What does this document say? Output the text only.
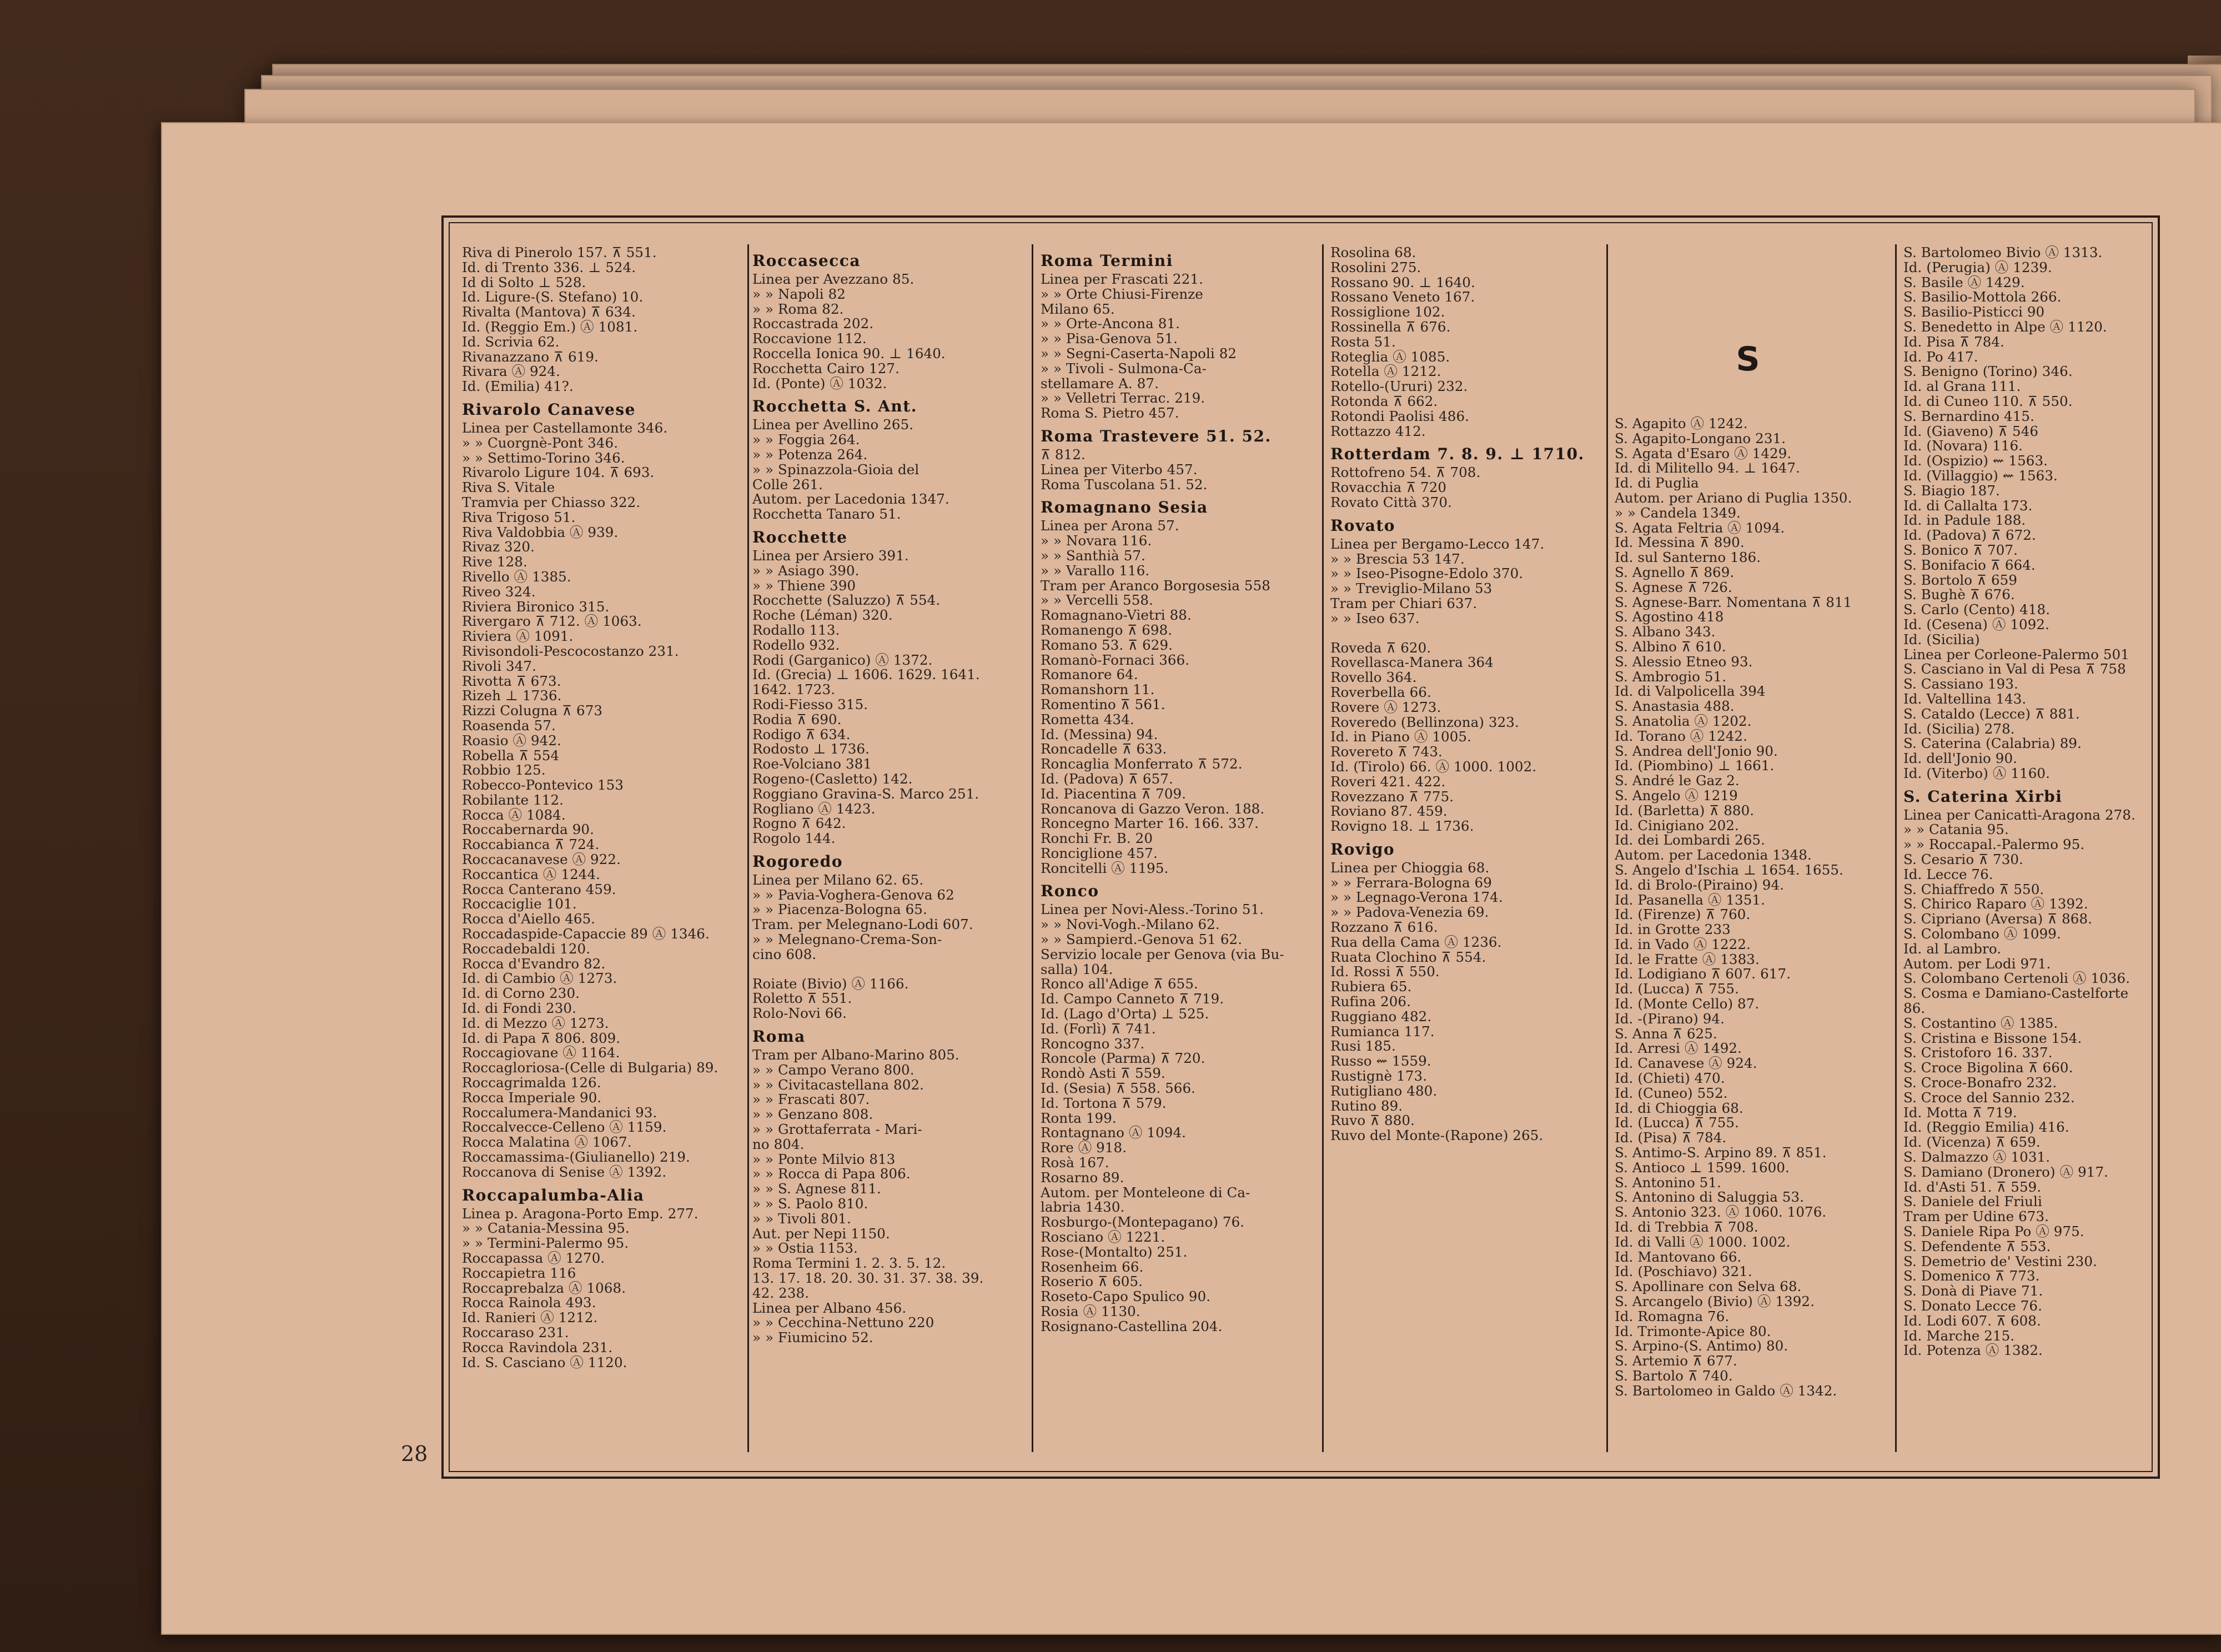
Riva di Pinerolo 157. ⊼ 551.
Id. di Trento 336. ⊥ 524.
Id di Solto ⊥ 528.
Id. Ligure-(S. Stefano) 10.
Rivalta (Mantova) ⊼ 634.
Id. (Reggio Em.) Ⓐ 1081.
Id. Scrivia 62.
Rivanazzano ⊼ 619.
Rivara Ⓐ 924.
Id. (Emilia) 41?.
Rivarolo Canavese
Linea per Castellamonte 346.
» » Cuorgnè-Pont 346.
» » Settimo-Torino 346.
Rivarolo Ligure 104. ⊼ 693.
Riva S. Vitale
Tramvia per Chiasso 322.
Riva Trigoso 51.
Riva Valdobbia Ⓐ 939.
Rivaz 320.
Rive 128.
Rivello Ⓐ 1385.
Riveo 324.
Riviera Bironico 315.
Rivergaro ⊼ 712. Ⓐ 1063.
Riviera Ⓐ 1091.
Rivisondoli-Pescocostanzo 231.
Rivoli 347.
Rivotta ⊼ 673.
Rizeh ⊥ 1736.
Rizzi Colugna ⊼ 673
Roasenda 57.
Roasio Ⓐ 942.
Robella ⊼ 554
Robbio 125.
Robecco-Pontevico 153
Robilante 112.
Rocca Ⓐ 1084.
Roccabernarda 90.
Roccabianca ⊼ 724.
Roccacanavese Ⓐ 922.
Roccantica Ⓐ 1244.
Rocca Canterano 459.
Roccaciglie 101.
Rocca d'Aiello 465.
Roccadaspide-Capaccie 89 Ⓐ 1346.
Roccadebaldi 120.
Rocca d'Evandro 82.
Id. di Cambio Ⓐ 1273.
Id. di Corno 230.
Id. di Fondi 230.
Id. di Mezzo Ⓐ 1273.
Id. di Papa ⊼ 806. 809.
Roccagiovane Ⓐ 1164.
Roccagloriosa-(Celle di Bulgaria) 89.
Roccagrimalda 126.
Rocca Imperiale 90.
Roccalumera-Mandanici 93.
Roccalvecce-Celleno Ⓐ 1159.
Rocca Malatina Ⓐ 1067.
Roccamassima-(Giulianello) 219.
Roccanova di Senise Ⓐ 1392.
Roccapalumba-Alia
Linea p. Aragona-Porto Emp. 277.
» » Catania-Messina 95.
» » Termini-Palermo 95.
Roccapassa Ⓐ 1270.
Roccapietra 116
Roccaprebalza Ⓐ 1068.
Rocca Rainola 493.
Id. Ranieri Ⓐ 1212.
Roccaraso 231.
Rocca Ravindola 231.
Id. S. Casciano Ⓐ 1120.
Roccasecca
Linea per Avezzano 85.
» » Napoli 82
» » Roma 82.
Roccastrada 202.
Roccavione 112.
Roccella Ionica 90. ⊥ 1640.
Rocchetta Cairo 127.
Id. (Ponte) Ⓐ 1032.
Rocchetta S. Ant.
Linea per Avellino 265.
» » Foggia 264.
» » Potenza 264.
» » Spinazzola-Gioia del
Colle 261.
Autom. per Lacedonia 1347.
Rocchetta Tanaro 51.
Rocchette
Linea per Arsiero 391.
» » Asiago 390.
» » Thiene 390
Rocchette (Saluzzo) ⊼ 554.
Roche (Léman) 320.
Rodallo 113.
Rodello 932.
Rodi (Garganico) Ⓐ 1372.
Id. (Grecia) ⊥ 1606. 1629. 1641.
1642. 1723.
Rodi-Fiesso 315.
Rodia ⊼ 690.
Rodigo ⊼ 634.
Rodosto ⊥ 1736.
Roe-Volciano 381
Rogeno-(Casletto) 142.
Roggiano Gravina-S. Marco 251.
Rogliano Ⓐ 1423.
Rogno ⊼ 642.
Rogolo 144.
Rogoredo
Linea per Milano 62. 65.
» » Pavia-Voghera-Genova 62
» » Piacenza-Bologna 65.
Tram. per Melegnano-Lodi 607.
» » Melegnano-Crema-Son-
cino 608.
Roiate (Bivio) Ⓐ 1166.
Roletto ⊼ 551.
Rolo-Novi 66.
Roma
Tram per Albano-Marino 805.
» » Campo Verano 800.
» » Civitacastellana 802.
» » Frascati 807.
» » Genzano 808.
» » Grottaferrata - Mari-
no 804.
» » Ponte Milvio 813
» » Rocca di Papa 806.
» » S. Agnese 811.
» » S. Paolo 810.
» » Tivoli 801.
Aut. per Nepi 1150.
» » Ostia 1153.
Roma Termini 1. 2. 3. 5. 12.
13. 17. 18. 20. 30. 31. 37. 38. 39.
42. 238.
Linea per Albano 456.
» » Cecchina-Nettuno 220
» » Fiumicino 52.
Roma Termini
Linea per Frascati 221.
» » Orte Chiusi-Firenze
Milano 65.
» » Orte-Ancona 81.
» » Pisa-Genova 51.
» » Segni-Caserta-Napoli 82
» » Tivoli - Sulmona-Ca-
stellamare A. 87.
» » Velletri Terrac. 219.
Roma S. Pietro 457.
Roma Trastevere 51. 52.
⊼ 812.
Linea per Viterbo 457.
Roma Tuscolana 51. 52.
Romagnano Sesia
Linea per Arona 57.
» » Novara 116.
» » Santhià 57.
» » Varallo 116.
Tram per Aranco Borgosesia 558
» » Vercelli 558.
Romagnano-Vietri 88.
Romanengo ⊼ 698.
Romano 53. ⊼ 629.
Romanò-Fornaci 366.
Romanore 64.
Romanshorn 11.
Romentino ⊼ 561.
Rometta 434.
Id. (Messina) 94.
Roncadelle ⊼ 633.
Roncaglia Monferrato ⊼ 572.
Id. (Padova) ⊼ 657.
Id. Piacentina ⊼ 709.
Roncanova di Gazzo Veron. 188.
Roncegno Marter 16. 166. 337.
Ronchi Fr. B. 20
Ronciglione 457.
Roncitelli Ⓐ 1195.
Ronco
Linea per Novi-Aless.-Torino 51.
» » Novi-Vogh.-Milano 62.
» » Sampierd.-Genova 51 62.
Servizio locale per Genova (via Bu-
salla) 104.
Ronco all'Adige ⊼ 655.
Id. Campo Canneto ⊼ 719.
Id. (Lago d'Orta) ⊥ 525.
Id. (Forlì) ⊼ 741.
Roncogno 337.
Roncole (Parma) ⊼ 720.
Rondò Asti ⊼ 559.
Id. (Sesia) ⊼ 558. 566.
Id. Tortona ⊼ 579.
Ronta 199.
Rontagnano Ⓐ 1094.
Rore Ⓐ 918.
Rosà 167.
Rosarno 89.
Autom. per Monteleone di Ca-
labria 1430.
Rosburgo-(Montepagano) 76.
Rosciano Ⓐ 1221.
Rose-(Montalto) 251.
Rosenheim 66.
Roserio ⊼ 605.
Roseto-Capo Spulico 90.
Rosia Ⓐ 1130.
Rosignano-Castellina 204.
Rosolina 68.
Rosolini 275.
Rossano 90. ⊥ 1640.
Rossano Veneto 167.
Rossiglione 102.
Rossinella ⊼ 676.
Rosta 51.
Roteglia Ⓐ 1085.
Rotella Ⓐ 1212.
Rotello-(Ururi) 232.
Rotonda ⊼ 662.
Rotondi Paolisi 486.
Rottazzo 412.
Rotterdam 7. 8. 9. ⊥ 1710.
Rottofreno 54. ⊼ 708.
Rovacchia ⊼ 720
Rovato Città 370.
Rovato
Linea per Bergamo-Lecco 147.
» » Brescia 53 147.
» » Iseo-Pisogne-Edolo 370.
» » Treviglio-Milano 53
Tram per Chiari 637.
» » Iseo 637.
Roveda ⊼ 620.
Rovellasca-Manera 364
Rovello 364.
Roverbella 66.
Rovere Ⓐ 1273.
Roveredo (Bellinzona) 323.
Id. in Piano Ⓐ 1005.
Rovereto ⊼ 743.
Id. (Tirolo) 66. Ⓐ 1000. 1002.
Roveri 421. 422.
Rovezzano ⊼ 775.
Roviano 87. 459.
Rovigno 18. ⊥ 1736.
Rovigo
Linea per Chioggia 68.
» » Ferrara-Bologna 69
» » Legnago-Verona 174.
» » Padova-Venezia 69.
Rozzano ⊼ 616.
Rua della Cama Ⓐ 1236.
Ruata Clochino ⊼ 554.
Id. Rossi ⊼ 550.
Rubiera 65.
Rufina 206.
Ruggiano 482.
Rumianca 117.
Rusi 185.
Russo ⇜ 1559.
Rustignè 173.
Rutigliano 480.
Rutino 89.
Ruvo ⊼ 880.
Ruvo del Monte-(Rapone) 265.
S. Agapito Ⓐ 1242.
S. Agapito-Longano 231.
S. Agata d'Esaro Ⓐ 1429.
Id. di Militello 94. ⊥ 1647.
Id. di Puglia
Autom. per Ariano di Puglia 1350.
» » Candela 1349.
S. Agata Feltria Ⓐ 1094.
Id. Messina ⊼ 890.
Id. sul Santerno 186.
S. Agnello ⊼ 869.
S. Agnese ⊼ 726.
S. Agnese-Barr. Nomentana ⊼ 811
S. Agostino 418
S. Albano 343.
S. Albino ⊼ 610.
S. Alessio Etneo 93.
S. Ambrogio 51.
Id. di Valpolicella 394
S. Anastasia 488.
S. Anatolia Ⓐ 1202.
Id. Torano Ⓐ 1242.
S. Andrea dell'Jonio 90.
Id. (Piombino) ⊥ 1661.
S. André le Gaz 2.
S. Angelo Ⓐ 1219
Id. (Barletta) ⊼ 880.
Id. Cinigiano 202.
Id. dei Lombardi 265.
Autom. per Lacedonia 1348.
S. Angelo d'Ischia ⊥ 1654. 1655.
Id. di Brolo-(Piraino) 94.
Id. Pasanella Ⓐ 1351.
Id. (Firenze) ⊼ 760.
Id. in Grotte 233
Id. in Vado Ⓐ 1222.
Id. le Fratte Ⓐ 1383.
Id. Lodigiano ⊼ 607. 617.
Id. (Lucca) ⊼ 755.
Id. (Monte Cello) 87.
Id. -(Pirano) 94.
S. Anna ⊼ 625.
Id. Arresi Ⓐ 1492.
Id. Canavese Ⓐ 924.
Id. (Chieti) 470.
Id. (Cuneo) 552.
Id. di Chioggia 68.
Id. (Lucca) ⊼ 755.
Id. (Pisa) ⊼ 784.
S. Antimo-S. Arpino 89. ⊼ 851.
S. Antioco ⊥ 1599. 1600.
S. Antonino 51.
S. Antonino di Saluggia 53.
S. Antonio 323. Ⓐ 1060. 1076.
Id. di Trebbia ⊼ 708.
Id. di Valli Ⓐ 1000. 1002.
Id. Mantovano 66.
Id. (Poschiavo) 321.
S. Apollinare con Selva 68.
S. Arcangelo (Bivio) Ⓐ 1392.
Id. Romagna 76.
Id. Trimonte-Apice 80.
S. Arpino-(S. Antimo) 80.
S. Artemio ⊼ 677.
S. Bartolo ⊼ 740.
S. Bartolomeo in Galdo Ⓐ 1342.
S. Bartolomeo Bivio Ⓐ 1313.
Id. (Perugia) Ⓐ 1239.
S. Basile Ⓐ 1429.
S. Basilio-Mottola 266.
S. Basilio-Pisticci 90
S. Benedetto in Alpe Ⓐ 1120.
Id. Pisa ⊼ 784.
Id. Po 417.
S. Benigno (Torino) 346.
Id. al Grana 111.
Id. di Cuneo 110. ⊼ 550.
S. Bernardino 415.
Id. (Giaveno) ⊼ 546
Id. (Novara) 116.
Id. (Ospizio) ⇜ 1563.
Id. (Villaggio) ⇜ 1563.
S. Biagio 187.
Id. di Callalta 173.
Id. in Padule 188.
Id. (Padova) ⊼ 672.
S. Bonico ⊼ 707.
S. Bonifacio ⊼ 664.
S. Bortolo ⊼ 659
S. Bughè ⊼ 676.
S. Carlo (Cento) 418.
Id. (Cesena) Ⓐ 1092.
Id. (Sicilia)
Linea per Corleone-Palermo 501
S. Casciano in Val di Pesa ⊼ 758
S. Cassiano 193.
Id. Valtellina 143.
S. Cataldo (Lecce) ⊼ 881.
Id. (Sicilia) 278.
S. Caterina (Calabria) 89.
Id. dell'Jonio 90.
Id. (Viterbo) Ⓐ 1160.
S. Caterina Xirbi
Linea per Canicattì-Aragona 278.
» » Catania 95.
» » Roccapal.-Palermo 95.
S. Cesario ⊼ 730.
Id. Lecce 76.
S. Chiaffredo ⊼ 550.
S. Chirico Raparo Ⓐ 1392.
S. Cipriano (Aversa) ⊼ 868.
S. Colombano Ⓐ 1099.
Id. al Lambro.
Autom. per Lodi 971.
S. Colombano Certenoli Ⓐ 1036.
S. Cosma e Damiano-Castelforte
86.
S. Costantino Ⓐ 1385.
S. Cristina e Bissone 154.
S. Cristoforo 16. 337.
S. Croce Bigolina ⊼ 660.
S. Croce-Bonafro 232.
S. Croce del Sannio 232.
Id. Motta ⊼ 719.
Id. (Reggio Emilia) 416.
Id. (Vicenza) ⊼ 659.
S. Dalmazzo Ⓐ 1031.
S. Damiano (Dronero) Ⓐ 917.
Id. d'Asti 51. ⊼ 559.
S. Daniele del Friuli
Tram per Udine 673.
S. Daniele Ripa Po Ⓐ 975.
S. Defendente ⊼ 553.
S. Demetrio de' Vestini 230.
S. Domenico ⊼ 773.
S. Donà di Piave 71.
S. Donato Lecce 76.
Id. Lodi 607. ⊼ 608.
Id. Marche 215.
Id. Potenza Ⓐ 1382.
S
28
